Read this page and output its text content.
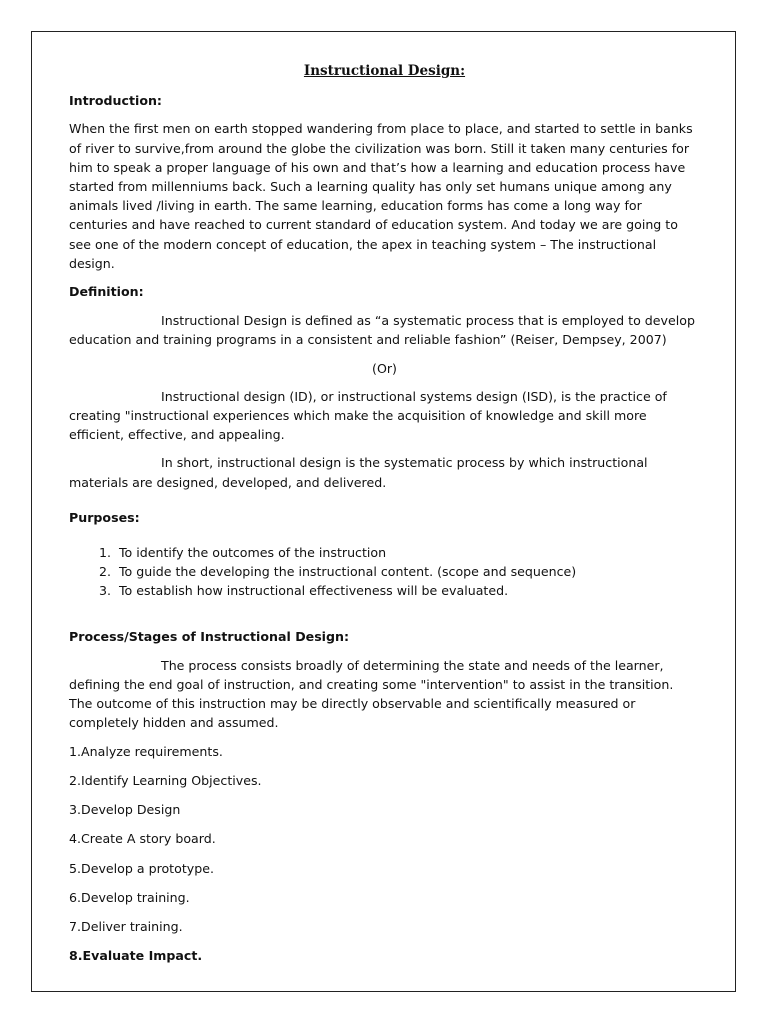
Instructional Design:

Introduction:

When the first men on earth stopped wandering from place to place, and started to settle in banks of river to survive,from around the globe the civilization was born. Still it taken many centuries for him to speak a proper language of his own and that’s how a learning and education process have started from millenniums back. Such a learning quality has only set humans unique among any animals lived /living in earth. The same learning, education forms has come a long way for centuries and have reached to current standard of education system. And today we are going to see one of the modern concept of education, the apex in teaching system – The instructional design.

Definition:

Instructional Design is defined as “a systematic process that is employed to develop education and training programs in a consistent and reliable fashion” (Reiser, Dempsey, 2007)

(Or)

Instructional design (ID), or instructional systems design (ISD), is the practice of creating "instructional experiences which make the acquisition of knowledge and skill more efficient, effective, and appealing.

In short, instructional design is the systematic process by which instructional materials are designed, developed, and delivered.

Purposes:

1. To identify the outcomes of the instruction
2. To guide the developing the instructional content. (scope and sequence)
3. To establish how instructional effectiveness will be evaluated.

Process/Stages of Instructional Design:

The process consists broadly of determining the state and needs of the learner, defining the end goal of instruction, and creating some "intervention" to assist in the transition. The outcome of this instruction may be directly observable and scientifically measured or completely hidden and assumed.

1.Analyze requirements.

2.Identify Learning Objectives.

3.Develop Design

4.Create A story board.

5.Develop a prototype.

6.Develop training.

7.Deliver training.

8.Evaluate Impact.
